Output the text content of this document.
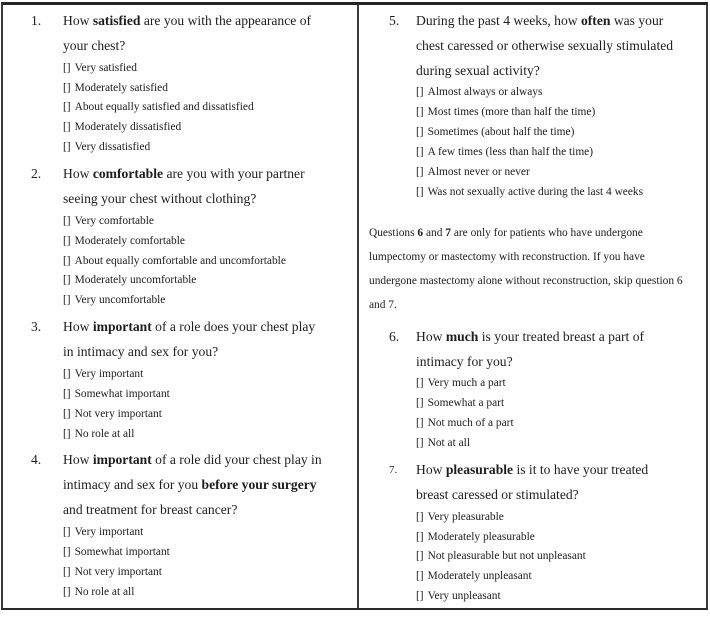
1.	How satisfied are you with the appearance of
your chest?
[] Very satisfied
[] Moderately satisfied
[] About equally satisfied and dissatisfied
[] Moderately dissatisfied
[] Very dissatisfied
2.	How comfortable are you with your partner
seeing your chest without clothing?
[] Very comfortable
[] Moderately comfortable
[] About equally comfortable and uncomfortable
[] Moderately uncomfortable
[] Very uncomfortable
3.	How important of a role does your chest play
in intimacy and sex for you?
[] Very important
[] Somewhat important
[] Not very important
[] No role at all
4.	How important of a role did your chest play in
intimacy and sex for you before your surgery
and treatment for breast cancer?
[] Very important
[] Somewhat important
[] Not very important
[] No role at all
5.	During the past 4 weeks, how often was your
chest caressed or otherwise sexually stimulated
during sexual activity?
[] Almost always or always
[] Most times (more than half the time)
[] Sometimes (about half the time)
[] A few times (less than half the time)
[] Almost never or never
[] Was not sexually active during the last 4 weeks
Questions 6 and 7 are only for patients who have undergone
lumpectomy or mastectomy with reconstruction. If you have
undergone mastectomy alone without reconstruction, skip question 6
and 7.
6.	How much is your treated breast a part of
intimacy for you?
[] Very much a part
[] Somewhat a part
[] Not much of a part
[] Not at all
7.	How pleasurable is it to have your treated
breast caressed or stimulated?
[] Very pleasurable
[] Moderately pleasurable
[] Not pleasurable but not unpleasant
[] Moderately unpleasant
[] Very unpleasant
